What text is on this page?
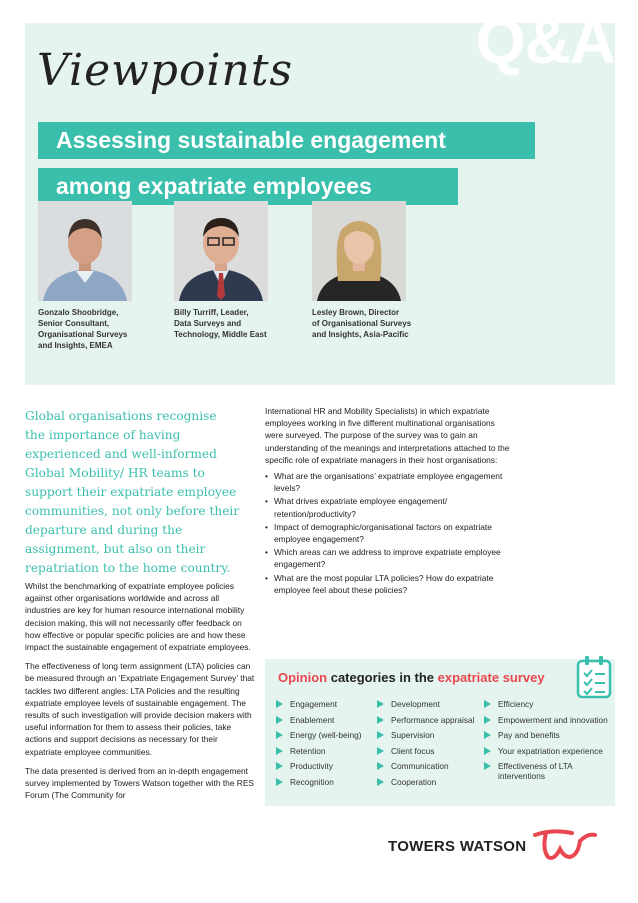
Q&A
Viewpoints
Assessing sustainable engagement
among expatriate employees
Gonzalo Shoobridge,
Senior Consultant,
Organisational Surveys
and Insights, EMEA
Billy Turriff, Leader,
Data Surveys and
Technology, Middle East
Lesley Brown, Director
of Organisational Surveys
and Insights, Asia-Pacific

Global organisations recognise the importance of having experienced and well-informed Global Mobility/ HR teams to support their expatriate employee communities, not only before their departure and during the assignment, but also on their repatriation to the home country.

Whilst the benchmarking of expatriate employee policies against other organisations worldwide and across all industries are key for human resource international mobility decision making, this will not necessarily offer feedback on how effective or popular specific policies are and how these impact the sustainable engagement of expatriate employees.

The effectiveness of long term assignment (LTA) policies can be measured through an ‘Expatriate Engagement Survey’ that tackles two different angles: LTA Policies and the resulting expatriate employee levels of sustainable engagement. The results of such investigation will provide decision makers with useful information for them to assess their policies, take actions and support decisions as necessary for their expatriate employee communities.

The data presented is derived from an in-depth engagement survey implemented by Towers Watson together with the RES Forum (The Community for

International HR and Mobility Specialists) in which expatriate employees working in five different multinational organisations were surveyed. The purpose of the survey was to gain an understanding of the meanings and interpretations attached to the specific role of expatriate managers in their host organisations:

• What are the organisations’ expatriate employee engagement levels?
• What drives expatriate employee engagement/ retention/productivity?
• Impact of demographic/organisational factors on expatriate employee engagement?
• Which areas can we address to improve expatriate employee engagement?
• What are the most popular LTA policies? How do expatriate employee feel about these policies?
Opinion categories in the expatriate survey
Engagement
Enablement
Energy (well-being)
Retention
Productivity
Recognition
Development
Performance appraisal
Supervision
Client focus
Communication
Cooperation
Efficiency
Empowerment and innovation
Pay and benefits
Your expatriation experience
Effectiveness of LTA interventions
TOWERS WATSON
